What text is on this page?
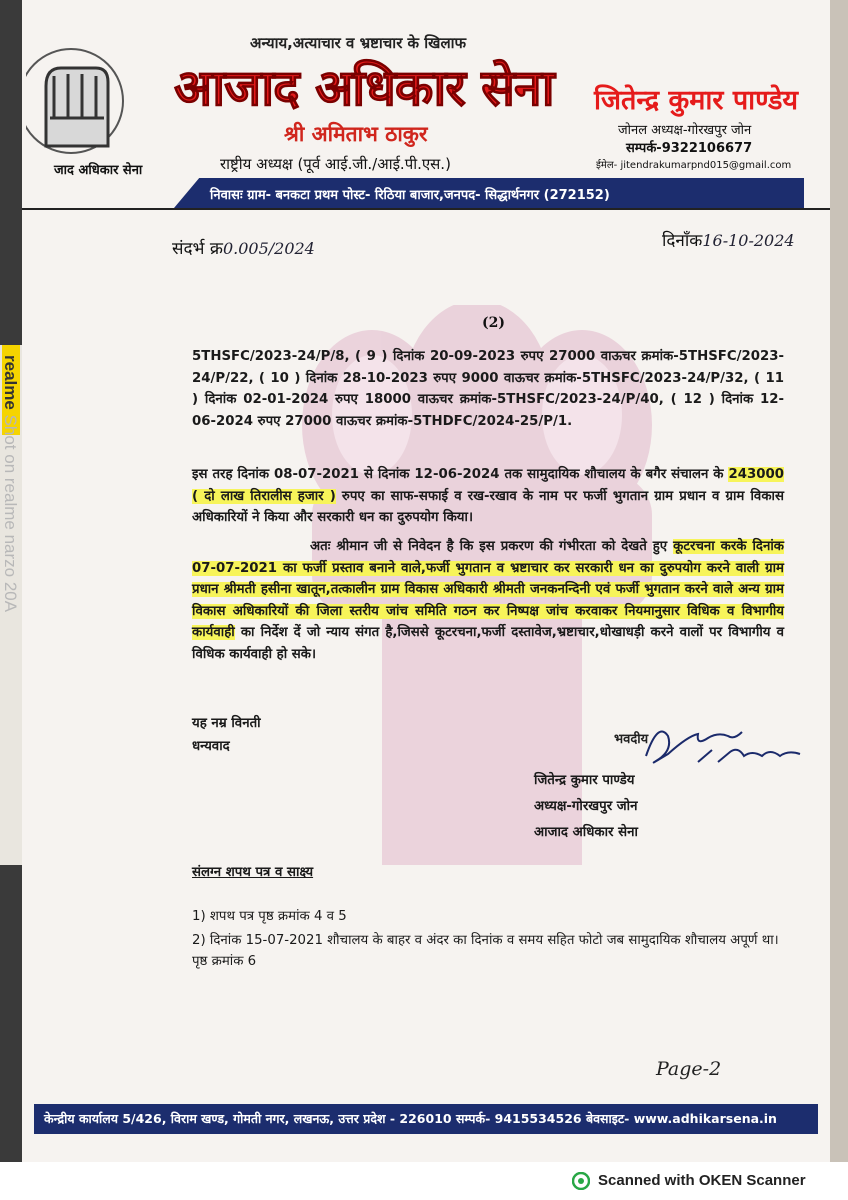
जाद अधिकार सेना
अन्याय,अत्याचार व भ्रष्टाचार के खिलाफ
आजाद अधिकार सेना
श्री अमिताभ ठाकुर
राष्ट्रीय अध्यक्ष (पूर्व आई.जी./आई.पी.एस.)
जितेन्द्र कुमार पाण्डेय
जोनल अध्यक्ष-गोरखपुर जोन
सम्पर्क-9322106677
ईमेल- jitendrakumarpnd015@gmail.com
निवासः ग्राम- बनकटा प्रथम पोस्ट- रिठिया बाजार,जनपद- सिद्धार्थनगर (272152)
संदर्भ क्र0.005/2024	दिनाँक16-10-2024
(2)
5THSFC/2023-24/P/8, ( 9 ) दिनांक 20-09-2023 रुपए 27000 वाऊचर क्रमांक-5THSFC/2023-24/P/22, ( 10 ) दिनांक 28-10-2023 रुपए 9000 वाऊचर क्रमांक-5THSFC/2023-24/P/32, ( 11 ) दिनांक 02-01-2024 रुपए 18000 वाऊचर क्रमांक-5THSFC/2023-24/P/40, ( 12 ) दिनांक 12-06-2024 रुपए 27000 वाऊचर क्रमांक-5THDFC/2024-25/P/1.
इस तरह दिनांक 08-07-2021 से दिनांक 12-06-2024 तक सामुदायिक शौचालय के बगैर संचालन के 243000 ( दो लाख तिरालीस हजार ) रुपए का साफ-सफाई व रख-रखाव के नाम पर फर्जी भुगतान ग्राम प्रधान व ग्राम विकास अधिकारियों ने किया और सरकारी धन का दुरुपयोग किया।
अतः श्रीमान जी से निवेदन है कि इस प्रकरण की गंभीरता को देखते हुए कूटरचना करके दिनांक 07-07-2021 का फर्जी प्रस्ताव बनाने वाले,फर्जी भुगतान व भ्रष्टाचार कर सरकारी धन का दुरुपयोग करने वाली ग्राम प्रधान श्रीमती हसीना खातून,तत्कालीन ग्राम विकास अधिकारी श्रीमती जनकनन्दिनी एवं फर्जी भुगतान करने वाले अन्य ग्राम विकास अधिकारियों की जिला स्तरीय जांच समिति गठन कर निष्पक्ष जांच करवाकर नियमानुसार विधिक व विभागीय कार्यवाही का निर्देश दें जो न्याय संगत है,जिससे कूटरचना,फर्जी दस्तावेज,भ्रष्टाचार,धोखाधड़ी करने वालों पर विभागीय व विधिक कार्यवाही हो सके।
यह नम्र विनती
धन्यवाद	भवदीय
जितेन्द्र कुमार पाण्डेय
अध्यक्ष-गोरखपुर जोन
आजाद अधिकार सेना
संलग्न शपथ पत्र व साक्ष्य
1) शपथ पत्र पृष्ठ क्रमांक 4 व 5
2) दिनांक 15-07-2021 शौचालय के बाहर व अंदर का दिनांक व समय सहित फोटो जब सामुदायिक शौचालय अपूर्ण था। पृष्ठ क्रमांक 6
Page-2
केन्द्रीय कार्यालय 5/426, विराम खण्ड, गोमती नगर, लखनऊ, उत्तर प्रदेश - 226010 सम्पर्क- 9415534526 बेवसाइट- www.adhikarsena.in
realme Shot on realme narzo 20A
Scanned with OKEN Scanner
